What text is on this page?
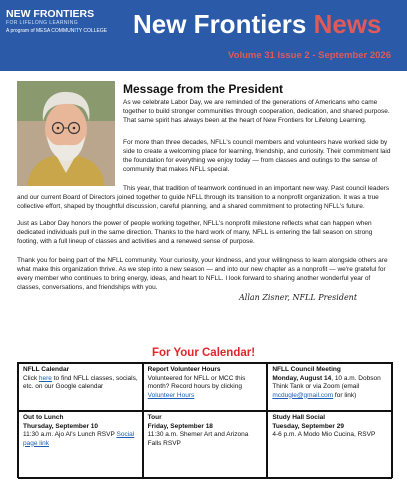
NEW FRONTIERS
FOR LIFELONG LEARNING
A program of MESA COMMUNITY COLLEGE New Frontiers News
Volume 31 Issue 2 - September 2026
Message from the President

As we celebrate Labor Day, we are reminded of the generations of Americans who came together to build stronger communities through cooperation, dedication, and shared purpose. That same spirit has always been at the heart of New Frontiers for Lifelong Learning.

For more than three decades, NFLL's council members and volunteers have worked side by side to create a welcoming place for learning, friendship, and curiosity. Their commitment laid the foundation for everything we enjoy today — from classes and outings to the sense of community that makes NFLL special.

This year, that tradition of teamwork continued in an important new way. Past council leaders and our current Board of Directors joined together to guide NFLL through its transition to a nonprofit organization. It was a true collective effort, shaped by thoughtful discussion, careful planning, and a shared commitment to protecting NFLL's future.

Just as Labor Day honors the power of people working together, NFLL's nonprofit milestone reflects what can happen when dedicated individuals pull in the same direction. Thanks to the hard work of many, NFLL is entering the fall season on strong footing, with a full lineup of classes and activities and a renewed sense of purpose.

Thank you for being part of the NFLL community. Your curiosity, your kindness, and your willingness to learn alongside others are what make this organization thrive. As we step into a new season — and into our new chapter as a nonprofit — we're grateful for every member who continues to bring energy, ideas, and heart to NFLL. I look forward to sharing another wonderful year of classes, conversations, and friendships with you.

Allan Zisner, NFLL President
For Your Calendar!
NFLL Calendar
Click here to find NFLL classes, socials, etc. on our Google calendar
Report Volunteer Hours
Volunteered for NFLL or MCC this month? Record hours by clicking Volunteer Hours
NFLL Council Meeting
Monday, August 14, 10 a.m. Dobson Think Tank or via Zoom (email mcdugle@gmail.com for link)
Out to Lunch
Thursday, September 10
11:30 a.m. Ajo Al's Lunch RSVP Social page link
Tour
Friday, September 18
11:30 a.m. Shemer Art and Arizona Falls RSVP
Study Hall Social
Tuesday, September 29
4-6 p.m. A Modo Mio Cucina, RSVP
